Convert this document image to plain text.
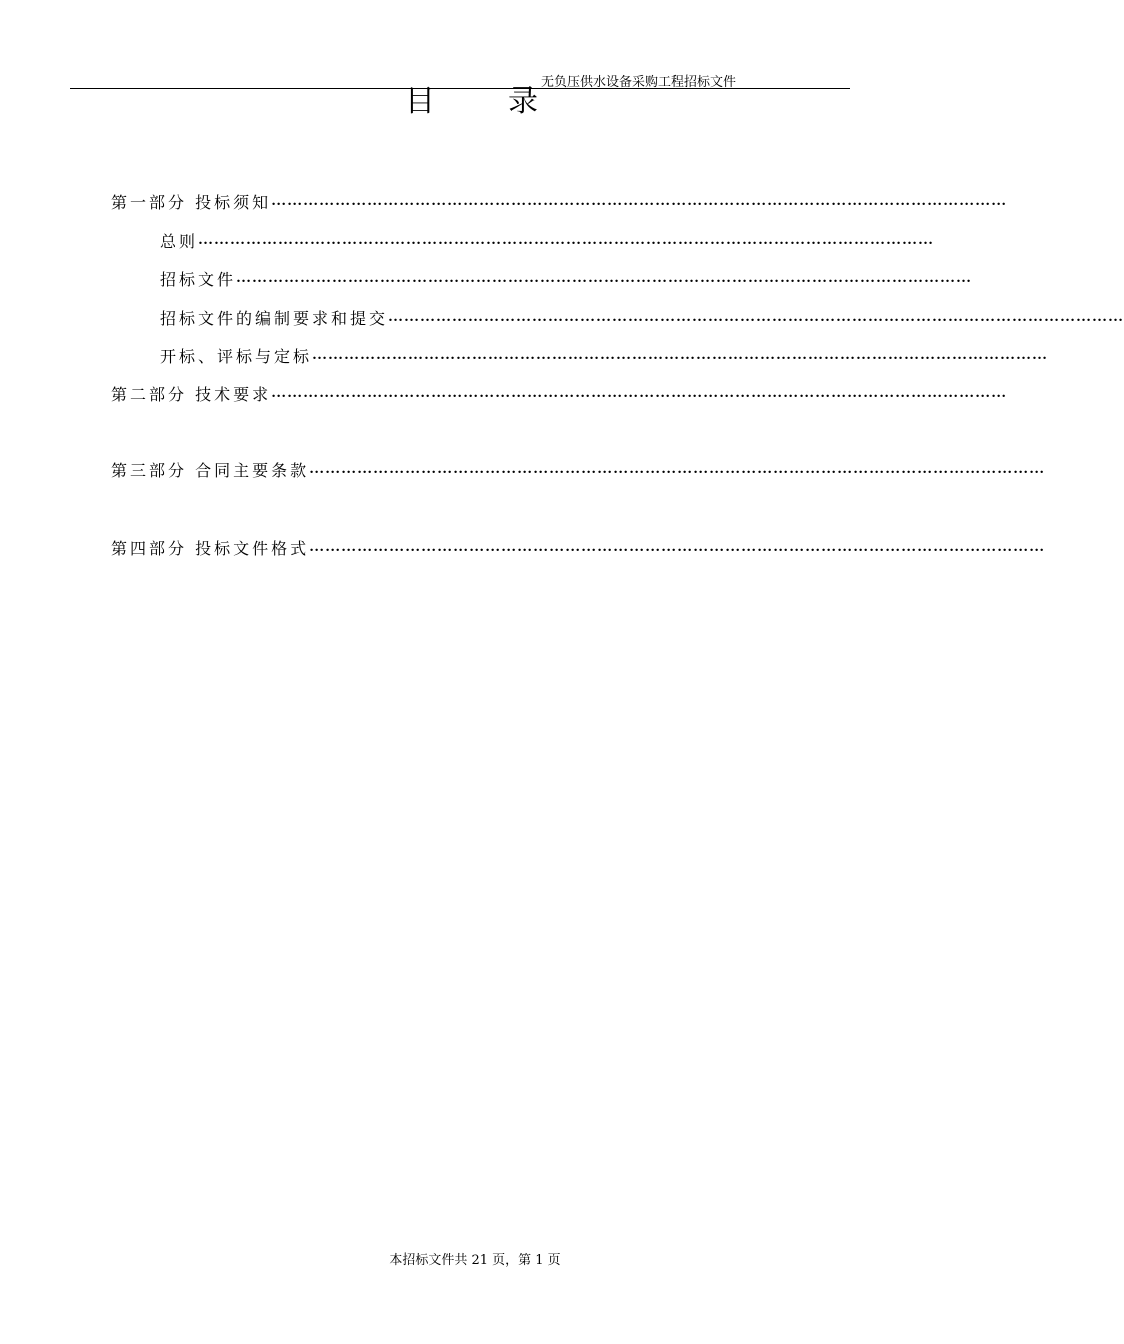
无负压供水设备采购工程招标文件
目 录
第一部分 投标须知 …………………………………………………………………………………………………………………………
总则 …………………………………………………………………………………………………………………………
招标文件 …………………………………………………………………………………………………………………………
招标文件的编制要求和提交 …………………………………………………………………………………………………………………………
开标、评标与定标 …………………………………………………………………………………………………………………………
第二部分 技术要求 …………………………………………………………………………………………………………………………
第三部分 合同主要条款 …………………………………………………………………………………………………………………………
第四部分 投标文件格式 …………………………………………………………………………………………………………………………
本招标文件共 21 页，第 1 页
